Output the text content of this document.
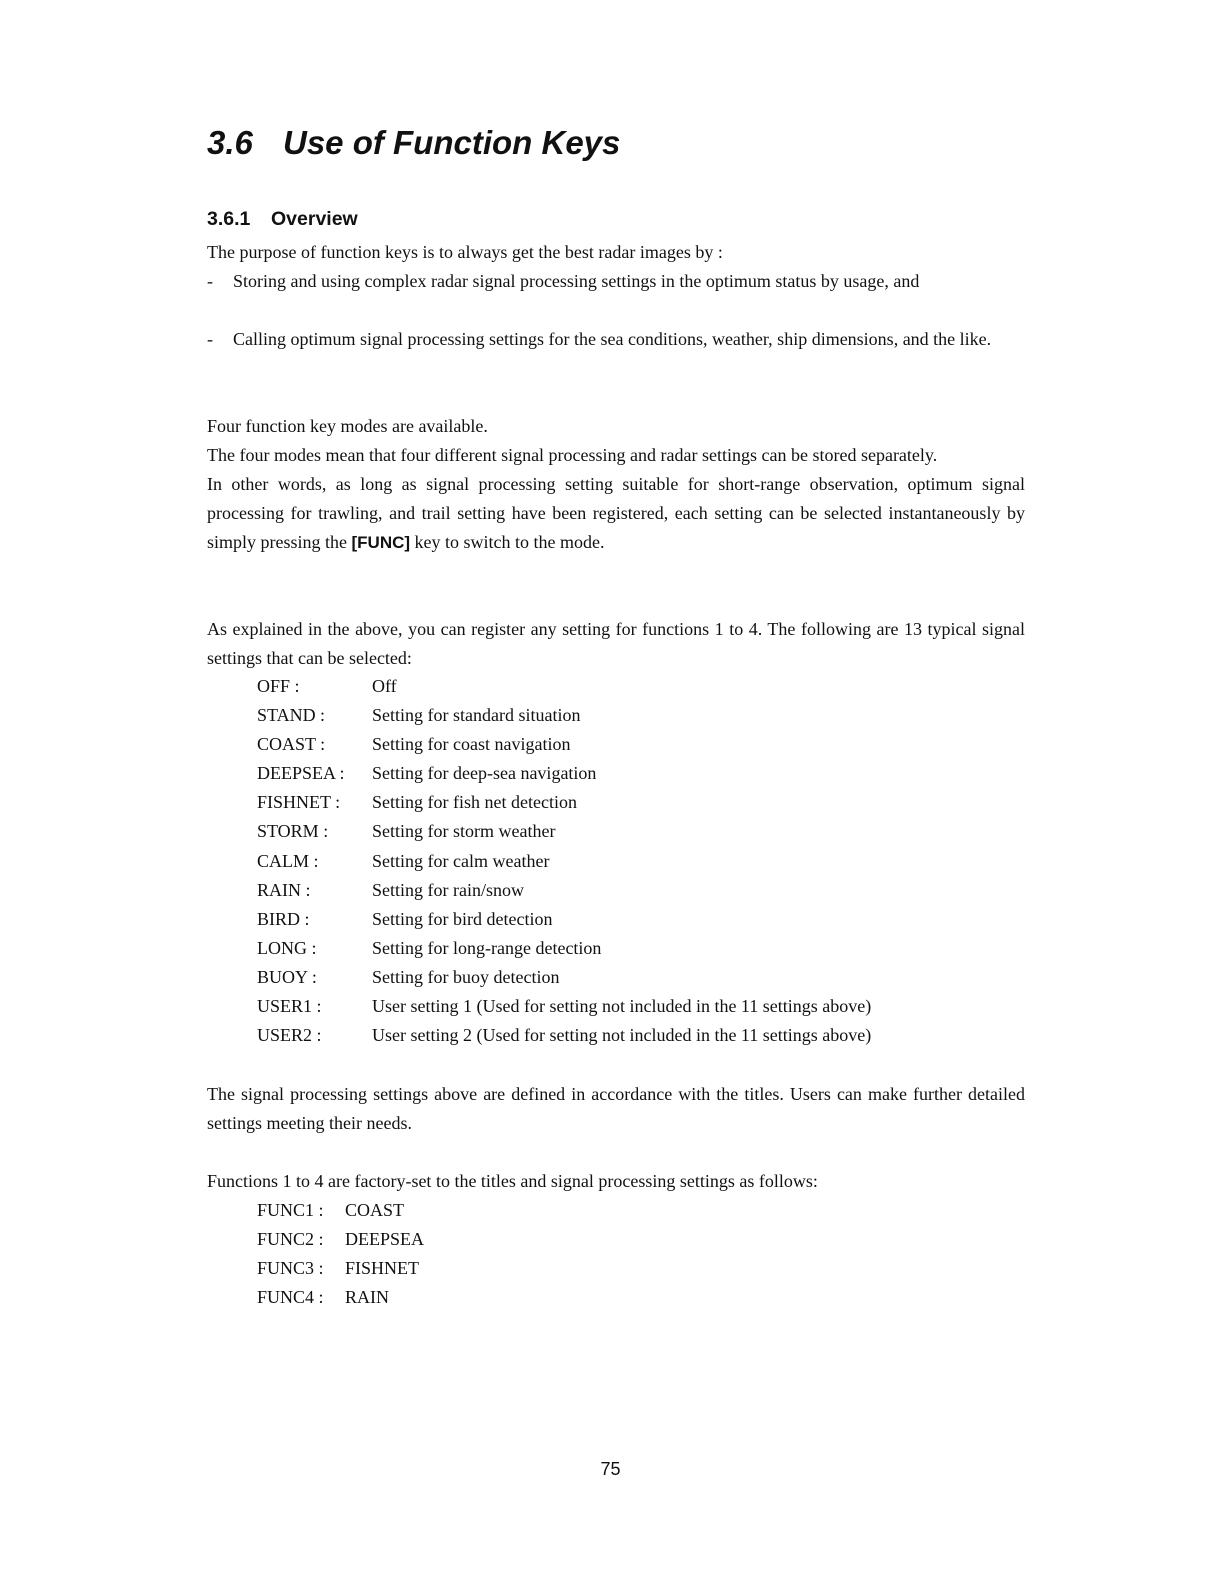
3.6 Use of Function Keys
3.6.1 Overview

The purpose of function keys is to always get the best radar images by :

-	Storing and using complex radar signal processing settings in the optimum status by usage, and
-	Calling optimum signal processing settings for the sea conditions, weather, ship dimensions, and the like.
Four function key modes are available.
The four modes mean that four different signal processing and radar settings can be stored separately.
In other words, as long as signal processing setting suitable for short-range observation, optimum signal processing for trawling, and trail setting have been registered, each setting can be selected instantaneously by simply pressing the [FUNC] key to switch to the mode.

As explained in the above, you can register any setting for functions 1 to 4. The following are 13 typical signal settings that can be selected:

OFF :	Off
STAND :	Setting for standard situation
COAST :	Setting for coast navigation
DEEPSEA :	Setting for deep-sea navigation
FISHNET :	Setting for fish net detection
STORM :	Setting for storm weather
CALM :	Setting for calm weather
RAIN :	Setting for rain/snow
BIRD :	Setting for bird detection
LONG :	Setting for long-range detection
BUOY :	Setting for buoy detection
USER1 :	User setting 1 (Used for setting not included in the 11 settings above)
USER2 :	User setting 2 (Used for setting not included in the 11 settings above)

The signal processing settings above are defined in accordance with the titles. Users can make further detailed settings meeting their needs.

Functions 1 to 4 are factory-set to the titles and signal processing settings as follows:

FUNC1 :	COAST
FUNC2 :	DEEPSEA
FUNC3 :	FISHNET
FUNC4 :	RAIN
75
